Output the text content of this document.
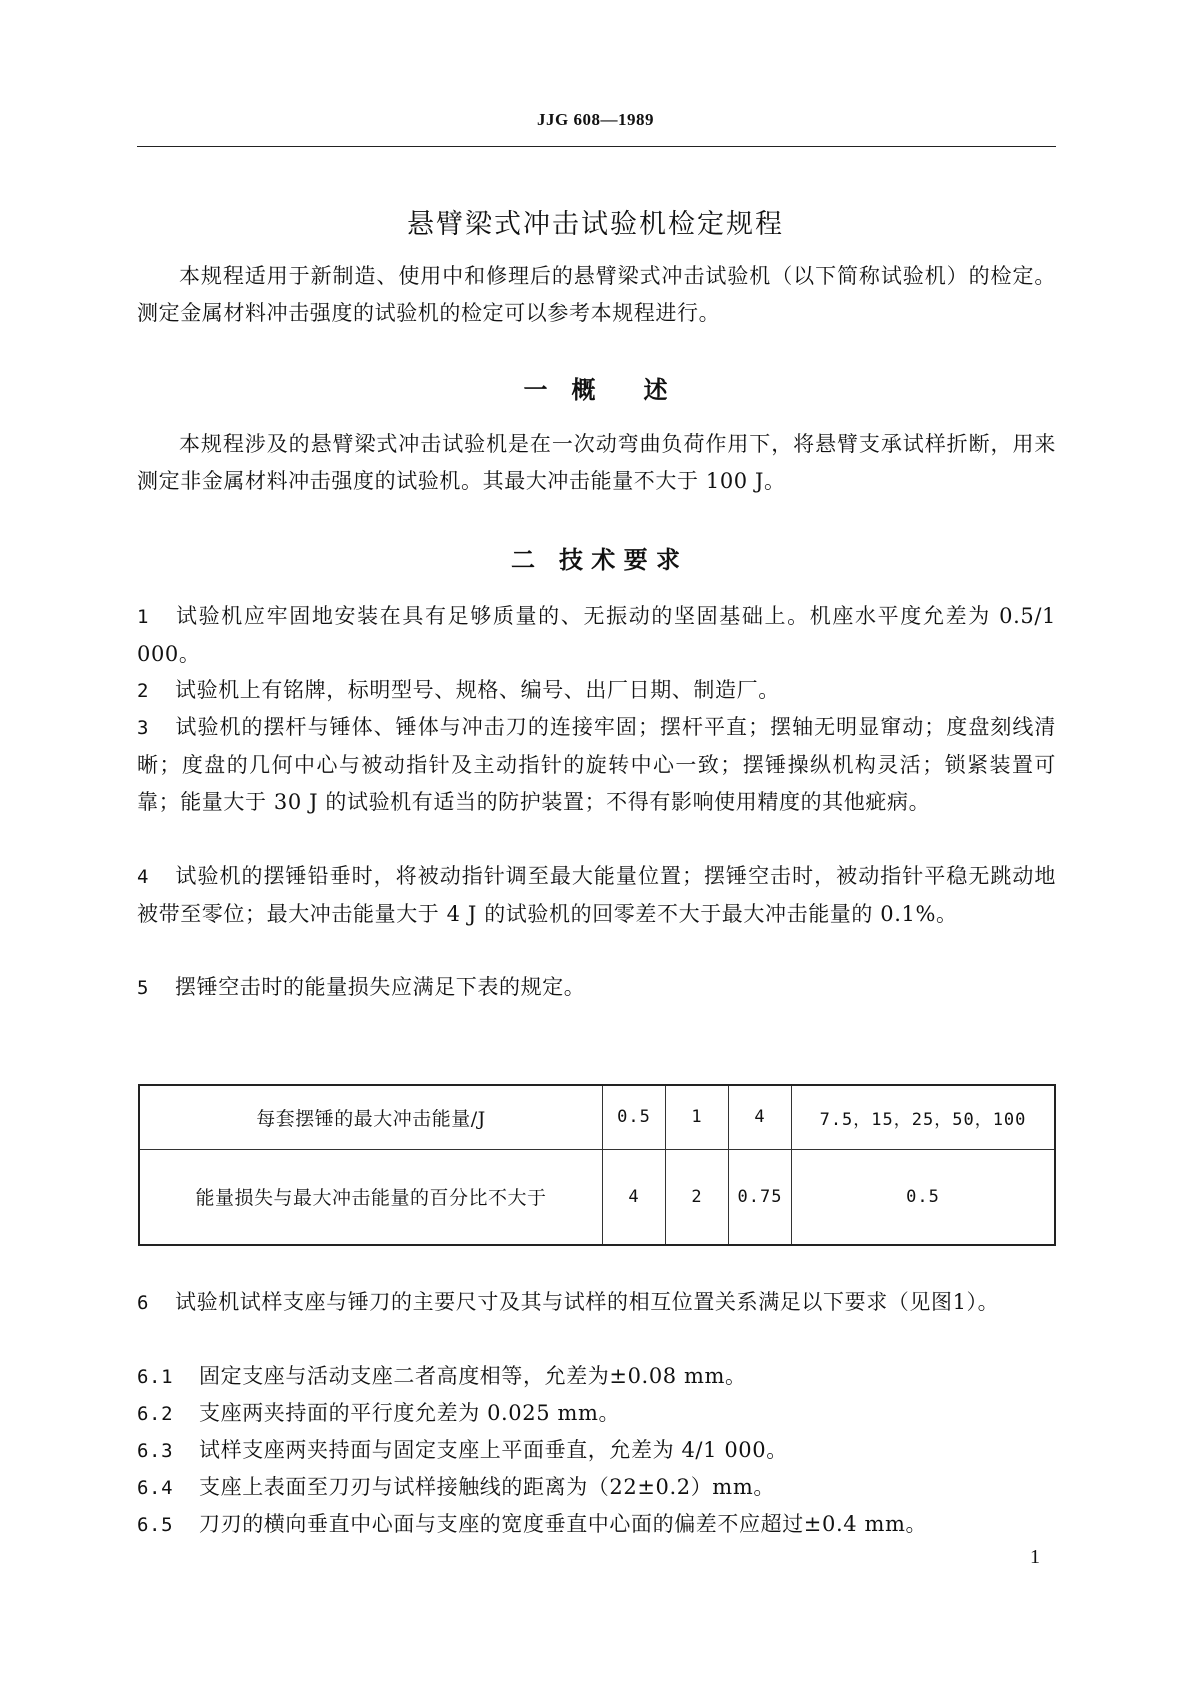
JJG 608—1989
悬臂梁式冲击试验机检定规程
本规程适用于新制造、使用中和修理后的悬臂梁式冲击试验机（以下简称试验机）的检定。测定金属材料冲击强度的试验机的检定可以参考本规程进行。
一　概　　述
本规程涉及的悬臂梁式冲击试验机是在一次动弯曲负荷作用下，将悬臂支承试样折断，用来测定非金属材料冲击强度的试验机。其最大冲击能量不大于 100 J。
二　技 术 要 求
1 试验机应牢固地安装在具有足够质量的、无振动的坚固基础上。机座水平度允差为 0.5/1 000。
2 试验机上有铭牌，标明型号、规格、编号、出厂日期、制造厂。
3 试验机的摆杆与锤体、锤体与冲击刀的连接牢固；摆杆平直；摆轴无明显窜动；度盘刻线清晰；度盘的几何中心与被动指针及主动指针的旋转中心一致；摆锤操纵机构灵活；锁紧装置可靠；能量大于 30 J 的试验机有适当的防护装置；不得有影响使用精度的其他疵病。
4 试验机的摆锤铅垂时，将被动指针调至最大能量位置；摆锤空击时，被动指针平稳无跳动地被带至零位；最大冲击能量大于 4 J 的试验机的回零差不大于最大冲击能量的 0.1%。
5 摆锤空击时的能量损失应满足下表的规定。
每套摆锤的最大冲击能量/J	0.5	1	4	7.5，15，25，50，100
能量损失与最大冲击能量的百分比不大于	4	2	0.75	0.5
6 试验机试样支座与锤刀的主要尺寸及其与试样的相互位置关系满足以下要求（见图1）。
6.1 固定支座与活动支座二者高度相等，允差为±0.08 mm。
6.2 支座两夹持面的平行度允差为 0.025 mm。
6.3 试样支座两夹持面与固定支座上平面垂直，允差为 4/1 000。
6.4 支座上表面至刀刃与试样接触线的距离为（22±0.2）mm。
6.5 刀刃的横向垂直中心面与支座的宽度垂直中心面的偏差不应超过±0.4 mm。
1
